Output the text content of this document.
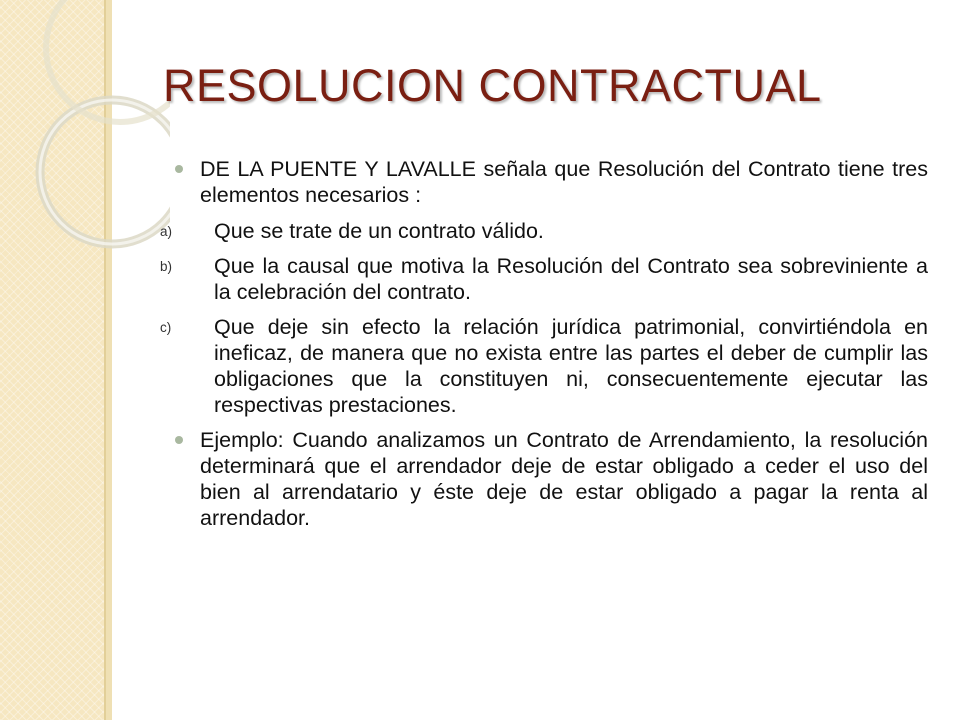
RESOLUCION CONTRACTUAL
DE LA PUENTE Y LAVALLE señala que Resolución del Contrato tiene tres elementos necesarios :
a) Que se trate de un contrato válido.
b) Que la causal que motiva la Resolución del Contrato sea sobreviniente a la celebración del contrato.
c) Que deje sin efecto la relación jurídica patrimonial, convirtiéndola en ineficaz, de manera que no exista entre las partes el deber de cumplir las obligaciones que la constituyen ni, consecuentemente ejecutar las respectivas prestaciones.
Ejemplo: Cuando analizamos un Contrato de Arrendamiento, la resolución determinará que el arrendador deje de estar obligado a ceder el uso del bien al arrendatario y éste deje de estar obligado a pagar la renta al arrendador.
